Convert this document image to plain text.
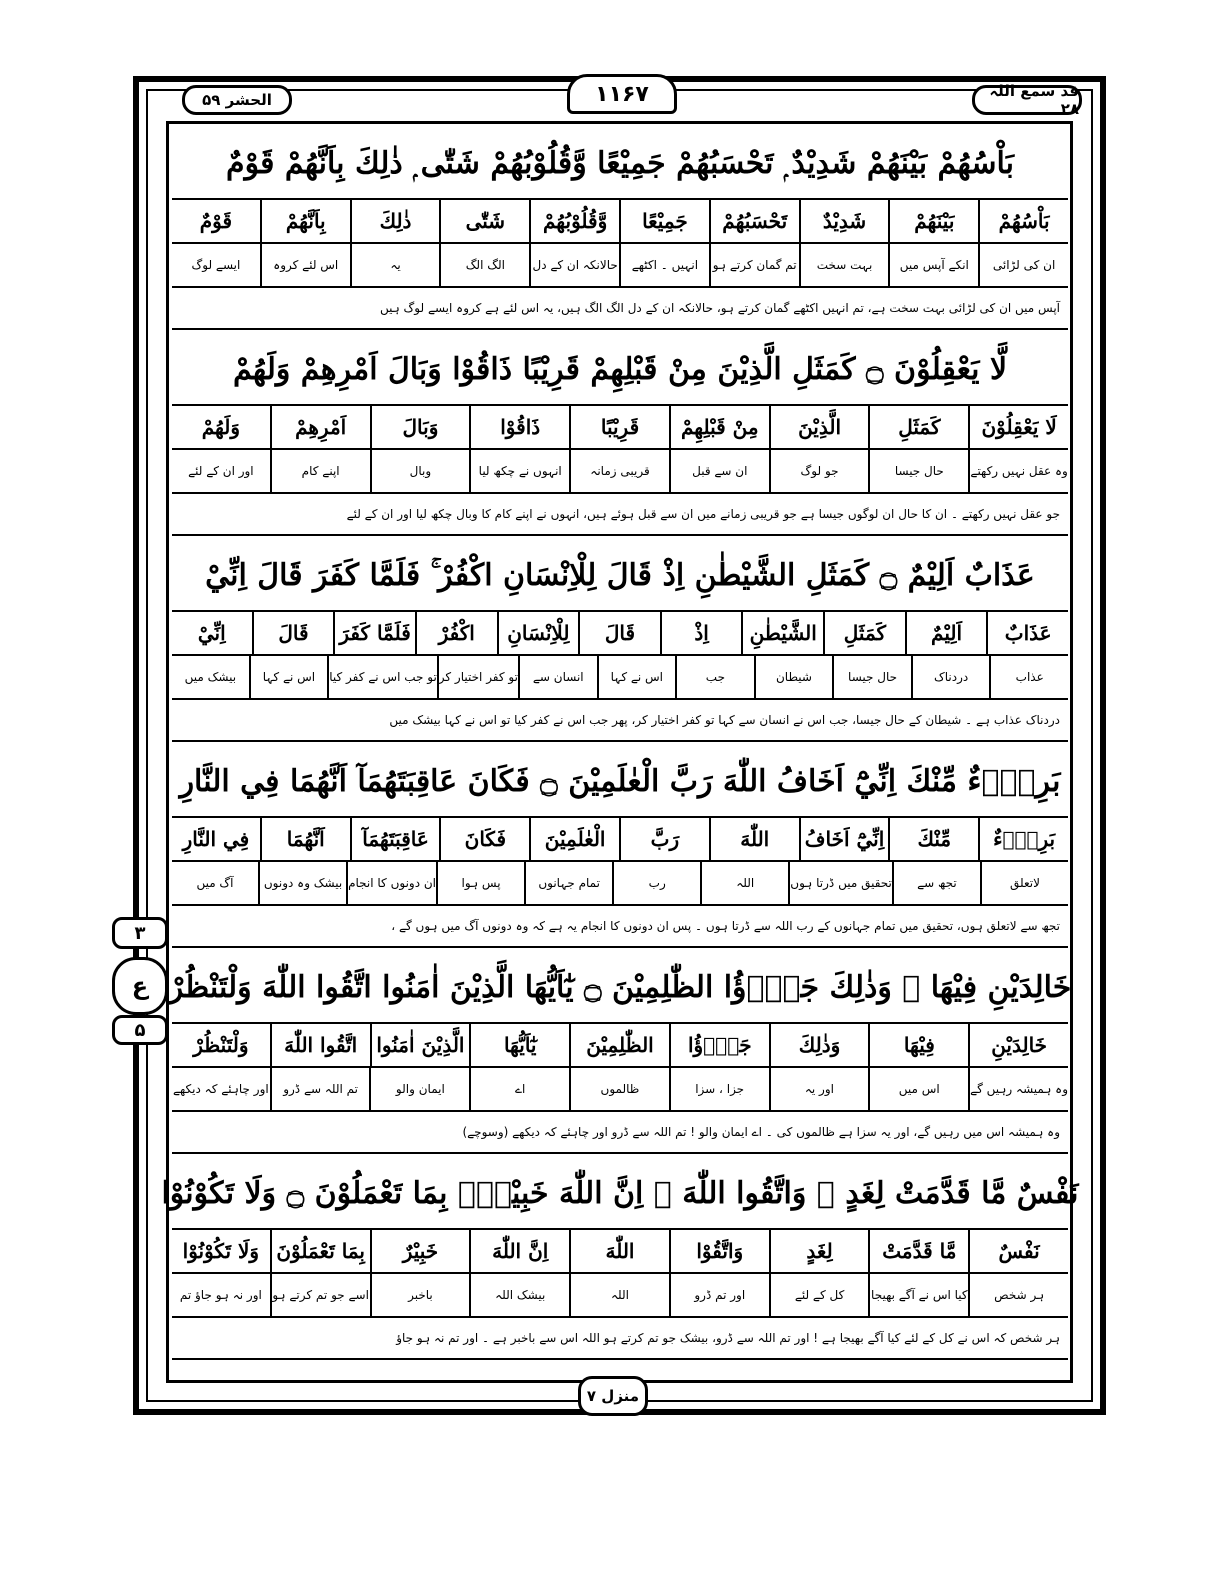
الحشر ۵۹	۱۱۶۷	قد سمع اللہ ۲۸
بَاْسُهُمْ بَيْنَهُمْ شَدِيْدٌ ۭ تَحْسَبُهُمْ جَمِيْعًا وَّقُلُوْبُهُمْ شَتّٰى ۭ ذٰلِكَ بِاَنَّهُمْ قَوْمٌ
بَاْسُهُمْ
بَيْنَهُمْ
شَدِيْدٌ
تَحْسَبُهُمْ
جَمِيْعًا
وَّقُلُوْبُهُمْ
شَتّٰى
ذٰلِكَ
بِاَنَّهُمْ
قَوْمٌ
ان کی لڑائی
انکے آپس میں
بہت سخت
تم گمان کرتے ہو
انہیں ۔ اکٹھے
حالانکہ ان کے دل
الگ الگ
یہ
اس لئے کروہ
ایسے لوگ
آپس میں ان کی لڑائی بہت سخت ہے، تم انہیں اکٹھے گمان کرتے ہو، حالانکہ ان کے دل الگ الگ ہیں، یہ اس لئے ہے کروہ ایسے لوگ ہیں
لَّا يَعْقِلُوْنَ ۝ كَمَثَلِ الَّذِيْنَ مِنْ قَبْلِهِمْ قَرِيْبًا ذَاقُوْا وَبَالَ اَمْرِهِمْ وَلَهُمْ
لَا يَعْقِلُوْنَ
كَمَثَلِ
الَّذِيْنَ
مِنْ قَبْلِهِمْ
قَرِيْبًا
ذَاقُوْا
وَبَالَ
اَمْرِهِمْ
وَلَهُمْ
وہ عقل نہیں رکھتے
حال جیسا
جو لوگ
ان سے قبل
قریبی زمانہ
انہوں نے چکھ لیا
وبال
اپنے کام
اور ان کے لئے
جو عقل نہیں رکھتے ۔ ان کا حال ان لوگوں جیسا ہے جو قریبی زمانے میں ان سے قبل ہوئے ہیں، انہوں نے اپنے کام کا وبال چکھ لیا اور ان کے لئے
عَذَابٌ اَلِيْمٌ ۝ كَمَثَلِ الشَّيْطٰنِ اِذْ قَالَ لِلْاِنْسَانِ اكْفُرْ ۚ فَلَمَّا كَفَرَ قَالَ اِنِّيْ
عَذَابٌ
اَلِيْمٌ
كَمَثَلِ
الشَّيْطٰنِ
اِذْ
قَالَ
لِلْاِنْسَانِ
اكْفُرْ
فَلَمَّا كَفَرَ
قَالَ
اِنِّيْ
عذاب
دردناک
حال جیسا
شیطان
جب
اس نے کہا
انسان سے
تو کفر اختیار کر
تو جب اس نے کفر کیا
اس نے کہا
بیشک میں
دردناک عذاب ہے ۔ شیطان کے حال جیسا، جب اس نے انسان سے کہا تو کفر اختیار کر، پھر جب اس نے کفر کیا تو اس نے کہا بیشک میں
بَرِيْۗءٌ مِّنْكَ اِنِّيْٓ اَخَافُ اللّٰهَ رَبَّ الْعٰلَمِيْنَ ۝ فَكَانَ عَاقِبَتَهُمَآ اَنَّهُمَا فِي النَّارِ
بَرِيْۗءٌ
مِّنْكَ
اِنِّيْٓ اَخَافُ
اللّٰهَ
رَبَّ
الْعٰلَمِيْنَ
فَكَانَ
عَاقِبَتَهُمَآ
اَنَّهُمَا
فِي النَّارِ
لاتعلق
تجھ سے
تحقیق میں ڈرتا ہوں
اللہ
رب
تمام جہانوں
پس ہوا
ان دونوں کا انجام
بیشک وہ دونوں
آگ میں
تجھ سے لاتعلق ہوں، تحقیق میں تمام جہانوں کے رب اللہ سے ڈرتا ہوں ۔ پس ان دونوں کا انجام یہ ہے کہ وہ دونوں آگ میں ہوں گے ،
خَالِدَيْنِ فِيْهَا ۭ وَذٰلِكَ جَزٰۗؤُا الظّٰلِمِيْنَ ۝ يٰٓاَيُّهَا الَّذِيْنَ اٰمَنُوا اتَّقُوا اللّٰهَ وَلْتَنْظُرْ
خَالِدَيْنِ
فِيْهَا
وَذٰلِكَ
جَزٰۗؤُا
الظّٰلِمِيْنَ
يٰٓاَيُّهَا
الَّذِيْنَ اٰمَنُوا
اتَّقُوا اللّٰهَ
وَلْتَنْظُرْ
وہ ہمیشہ رہیں گے
اس میں
اور یہ
جزا ، سزا
ظالموں
اے
ایمان والو
تم اللہ سے ڈرو
اور چاہئے کہ دیکھے
وہ ہمیشہ اس میں رہیں گے، اور یہ سزا ہے ظالموں کی ۔ اے ایمان والو ! تم اللہ سے ڈرو اور چاہئے کہ دیکھے (وسوچے)
نَفْسٌ مَّا قَدَّمَتْ لِغَدٍ ۚ وَاتَّقُوا اللّٰهَ ۭ اِنَّ اللّٰهَ خَبِيْرٌۢ بِمَا تَعْمَلُوْنَ ۝ وَلَا تَكُوْنُوْا
نَفْسٌ
مَّا قَدَّمَتْ
لِغَدٍ
وَاتَّقُوْا
اللّٰهَ
اِنَّ اللّٰهَ
خَبِيْرٌ
بِمَا تَعْمَلُوْنَ
وَلَا تَكُوْنُوْا
ہر شخص
کیا اس نے آگے بھیجا
کل کے لئے
اور تم ڈرو
اللہ
بیشک اللہ
باخبر
اسے جو تم کرتے ہو
اور نہ ہو جاؤ تم
ہر شخص کہ اس نے کل کے لئے کیا آگے بھیجا ہے ! اور تم اللہ سے ڈرو، بیشک جو تم کرتے ہو اللہ اس سے باخبر ہے ۔ اور تم نہ ہو جاؤ
۳
ع
۵
منزل ۷
